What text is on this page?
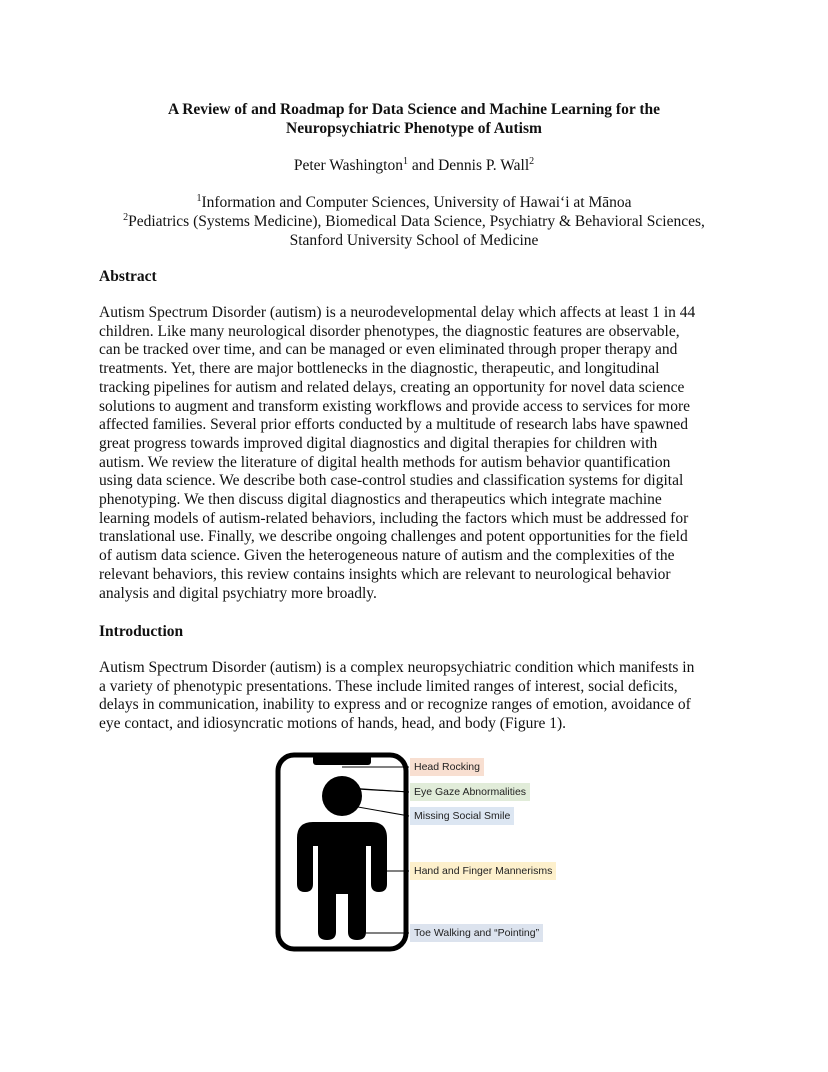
A Review of and Roadmap for Data Science and Machine Learning for the
Neuropsychiatric Phenotype of Autism
Peter Washington$^1$ and Dennis P. Wall$^2$
$^1$Information and Computer Sciences, University of Hawaiʻi at Mānoa
$^2$Pediatrics (Systems Medicine), Biomedical Data Science, Psychiatry & Behavioral Sciences,
Stanford University School of Medicine
Abstract
Autism Spectrum Disorder (autism) is a neurodevelopmental delay which affects at least 1 in 44
children. Like many neurological disorder phenotypes, the diagnostic features are observable,
can be tracked over time, and can be managed or even eliminated through proper therapy and
treatments. Yet, there are major bottlenecks in the diagnostic, therapeutic, and longitudinal
tracking pipelines for autism and related delays, creating an opportunity for novel data science
solutions to augment and transform existing workflows and provide access to services for more
affected families. Several prior efforts conducted by a multitude of research labs have spawned
great progress towards improved digital diagnostics and digital therapies for children with
autism. We review the literature of digital health methods for autism behavior quantification
using data science. We describe both case-control studies and classification systems for digital
phenotyping. We then discuss digital diagnostics and therapeutics which integrate machine
learning models of autism-related behaviors, including the factors which must be addressed for
translational use. Finally, we describe ongoing challenges and potent opportunities for the field
of autism data science. Given the heterogeneous nature of autism and the complexities of the
relevant behaviors, this review contains insights which are relevant to neurological behavior
analysis and digital psychiatry more broadly.
Introduction
Autism Spectrum Disorder (autism) is a complex neuropsychiatric condition which manifests in
a variety of phenotypic presentations. These include limited ranges of interest, social deficits,
delays in communication, inability to express and or recognize ranges of emotion, avoidance of
eye contact, and idiosyncratic motions of hands, head, and body (Figure 1).
Head Rocking
Eye Gaze Abnormalities
Missing Social Smile
Hand and Finger Mannerisms
Toe Walking and “Pointing”
